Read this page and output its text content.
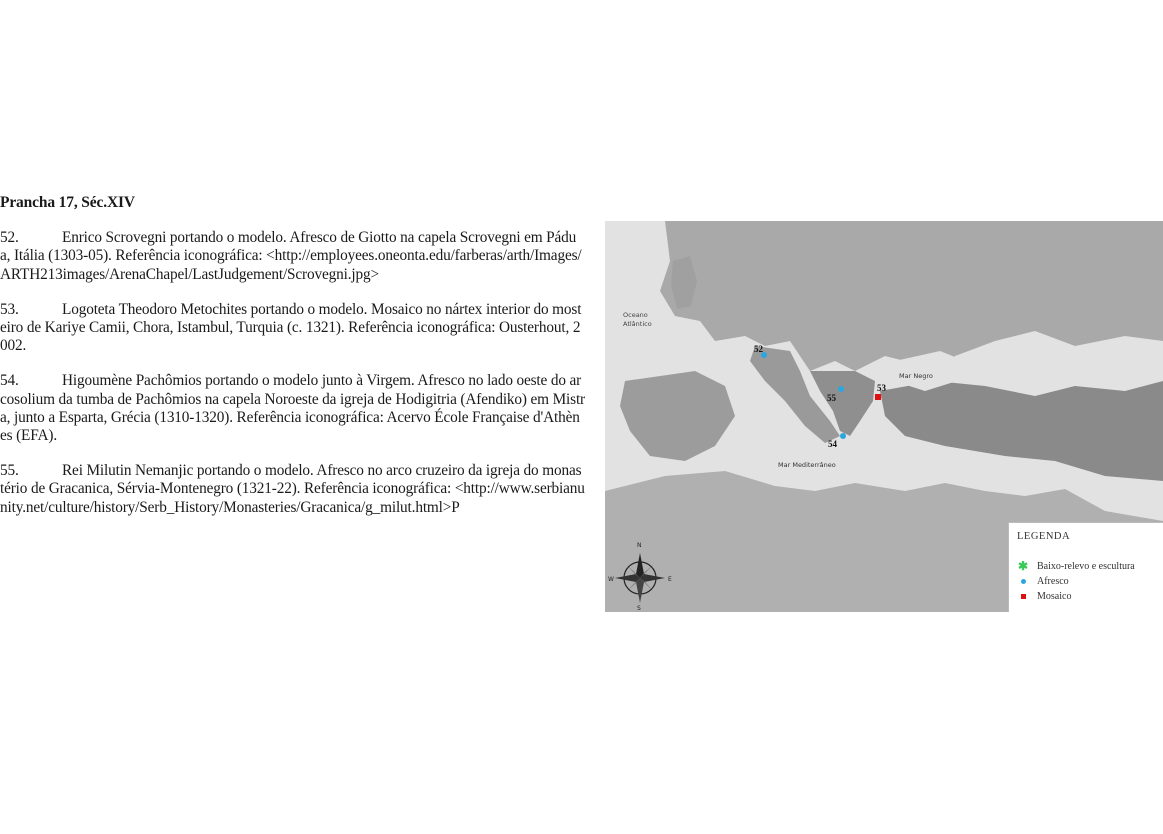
Prancha 17, Séc.XIV
52.	Enrico Scrovegni portando o modelo. Afresco de Giotto na capela Scrovegni em Pádua, Itália (1303-05). Referência iconográfica: <http://employees.oneonta.edu/farberas/arth/Images/ARTH213images/ArenaChapel/LastJudgement/Scrovegni.jpg>
53.	Logoteta Theodoro Metochites portando o modelo. Mosaico no nártex interior do mosteiro de Kariye Camii, Chora, Istambul, Turquia (c. 1321). Referência iconográfica: Ousterhout, 2002.
54.	Higoumène Pachômios portando o modelo junto à Virgem. Afresco no lado oeste do arcosolium da tumba de Pachômios na capela Noroeste da igreja de Hodigitria (Afendiko) em Mistra, junto a Esparta, Grécia (1310-1320). Referência iconográfica: Acervo École Française d'Athènes (EFA).
55.	Rei Milutin Nemanjic portando o modelo. Afresco no arco cruzeiro da igreja do monastério de Gracanica, Sérvia-Montenegro (1321-22). Referência iconográfica: <http://www.serbianunity.net/culture/history/Serb_History/Monasteries/Gracanica/g_milut.html>P
Oceano
Atlântico
Mar Negro
Mar Mediterrâneo
52
53
55
54
N
S
W	E
LEGENDA
✱ Baixo-relevo e escultura
Afresco
Mosaico
